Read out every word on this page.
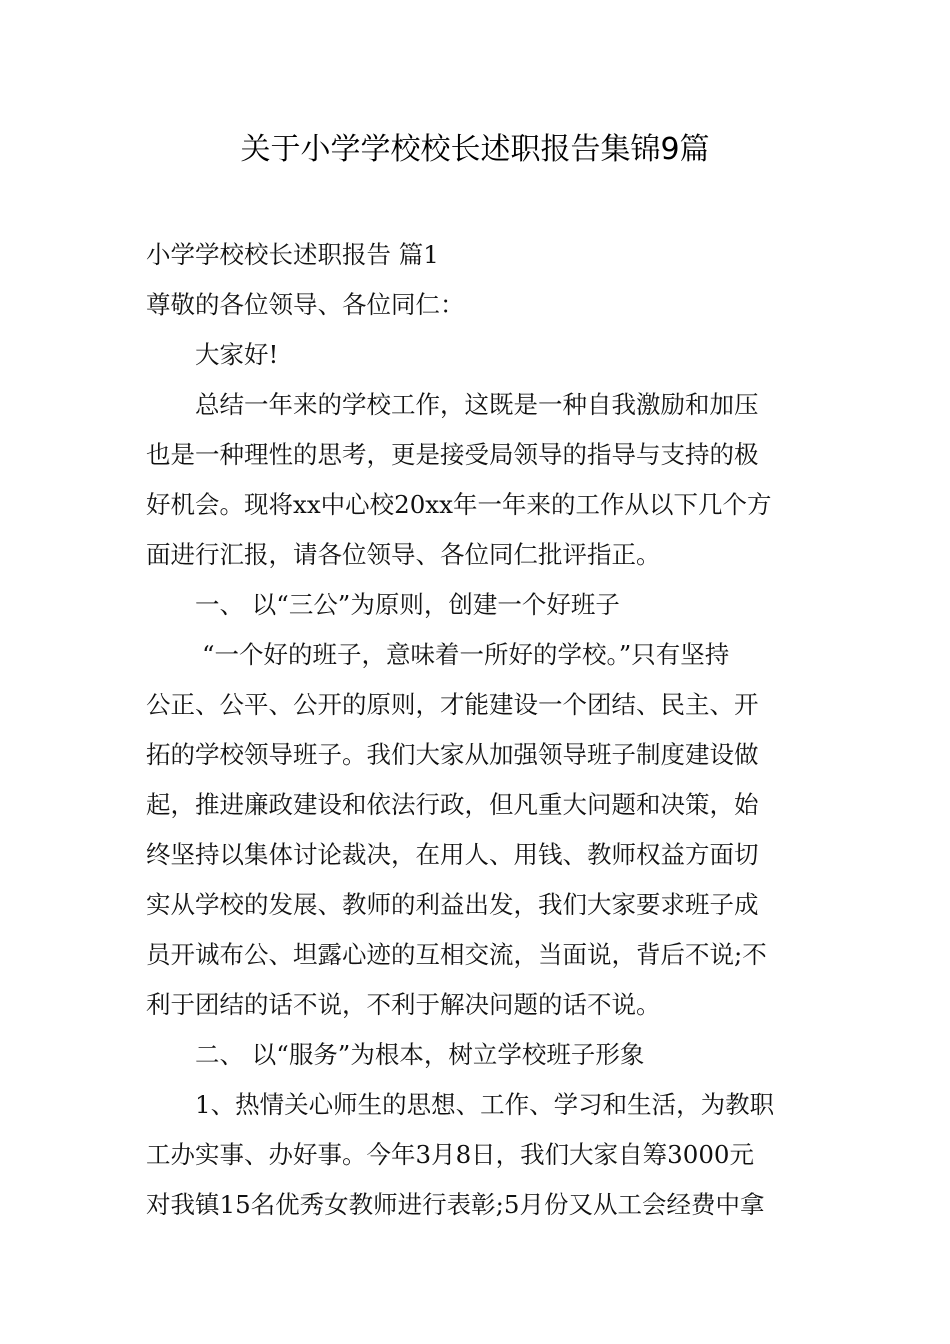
关于小学学校校长述职报告集锦9篇
小学学校校长述职报告 篇1
尊敬的各位领导、各位同仁：
大家好!
总结一年来的学校工作，这既是一种自我激励和加压
也是一种理性的思考，更是接受局领导的指导与支持的极
好机会。现将xx中心校20xx年一年来的工作从以下几个方
面进行汇报，请各位领导、各位同仁批评指正。
一、 以“三公”为原则，创建一个好班子
“一个好的班子，意味着一所好的学校。”只有坚持
公正、公平、公开的原则，才能建设一个团结、民主、开
拓的学校领导班子。我们大家从加强领导班子制度建设做
起，推进廉政建设和依法行政，但凡重大问题和决策，始
终坚持以集体讨论裁决，在用人、用钱、教师权益方面切
实从学校的发展、教师的利益出发，我们大家要求班子成
员开诚布公、坦露心迹的互相交流，当面说，背后不说;不
利于团结的话不说，不利于解决问题的话不说。
二、 以“服务”为根本，树立学校班子形象
1、热情关心师生的思想、工作、学习和生活，为教职
工办实事、办好事。今年3月8日，我们大家自筹3000元
对我镇15名优秀女教师进行表彰;5月份又从工会经费中拿
